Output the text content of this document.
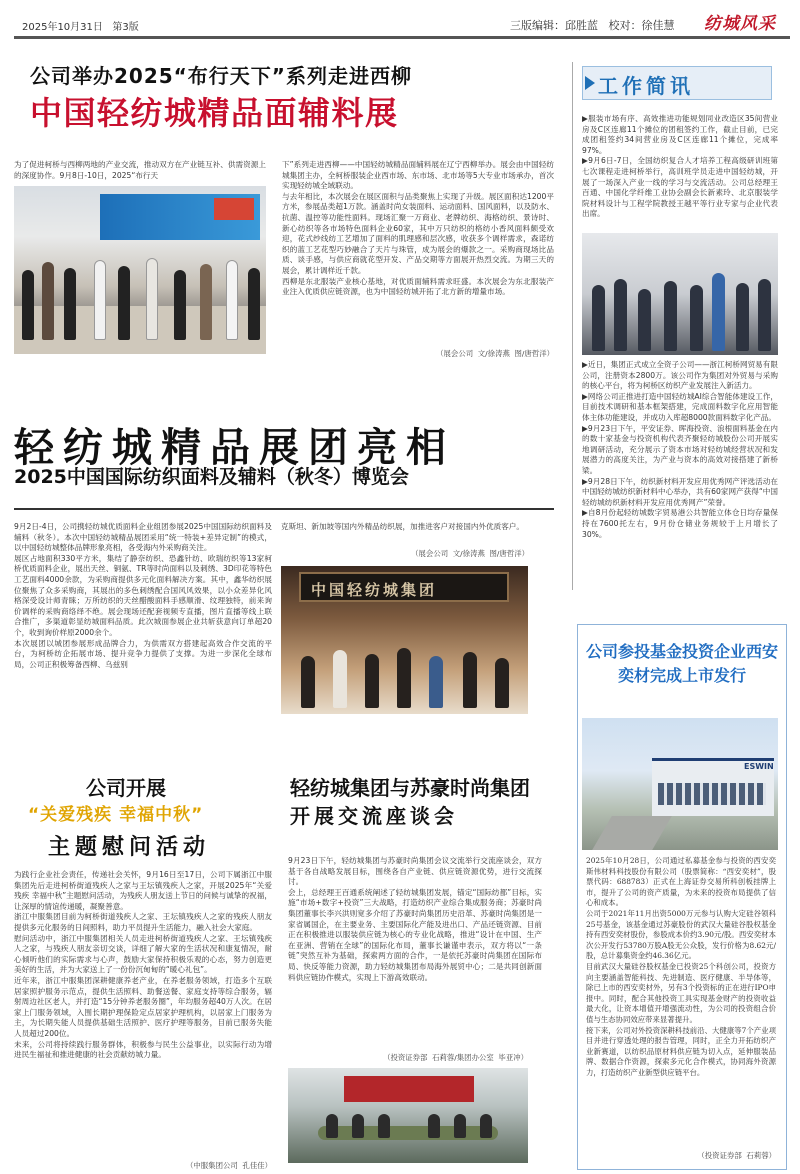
2025年10月31日   第3版	三版编辑：邱胜蓝   校对：徐佳慧 纺城风采
公司举办2025“布行天下”系列走进西柳
中国轻纺城精品面辅料展
为了促进柯桥与西柳两地的产业交流，推动双方在产业链互补、供需资源上的深度协作。9月8日-10日，2025“布行天
下”系列走进西柳——中国轻纺城精品面辅料展在辽宁西柳举办。展会由中国轻纺城集团主办，全柯桥服装企业西市场、东市场、北市场等5大专业市场承办，首次实现轻纺城全域联动。
与去年相比，本次展会在展区面积与品类聚焦上实现了升级。展区面积达1200平方米，参展品类超1万款。涵盖时尚女装面料、运动面料、国风面料，以及防水、抗菌、温控等功能性面料。现场汇聚一万商业、老牌纺织、海格纺织、景诗时、新心纺织等各市场特色面料企业60家，其中万只纺织的格纺小香风面料颇受欢迎，花式纱线纺工艺增加了面料的肌理感和层次感，收获多个调样需求，森诺纺织的蓝工艺花型巧妙融合了天片与珠管，成为展会的爆款之一。采购商现场比品质、谈手感，与供应商就花型开发、产品交期等方面展开热烈交流。为期三天的展会，累计调样近千款。
西柳是东北服装产业核心基地，对优质面辅料需求旺盛。本次展会为东北服装产业注入优质供应链资源，也为中国轻纺城开拓了北方新的增量市场。
（展会公司  文/徐涛燕  图/唐哲洋）
轻纺城精品展团亮相
2025中国国际纺织面料及辅料（秋冬）博览会
9月2日-4日，公司携轻纺城优质面料企业组团参展2025中国国际纺织面料及辅料（秋冬）。本次中国轻纺城精品展团采用“统一特装+差异定制”的模式，以中国轻纺城整体品牌形象亮相，各受海内外采购商关注。
展区占地面积330平方米，集结了静奈纺织、恐鑫针纺、欧瑞纺织等13家柯桥优质面料企业，展出天丝、铜氨、TR等时尚面料以及刺绣、3D印花等特色工艺面料4000余款，为采购商提供多元化面料解决方案。其中，鑫华纺织展位聚焦了众多采购商，其展出的多色刺绣配合国风风效果，以小众差异化风格深受设计师青睐；万所纺织的天丝醋酸面料手感顺滑、纹理独特，前来询价调样的采购商络绎不绝。展会现场还配套视频专直播，图片直播等线上联合推广，多渠道彰显纺城面料品质。此次城面参展企业共斩获意向订单超20个，收到询价样原2000余个。
本次展团以城团参展形成品牌合力，为供需双方搭建起高效合作交流的平台，为柯桥纺企拓展市场、提升竞争力提供了支撑。为进一步深化全球布局，公司正积极筹备西柳、乌兹别
克斯坦、新加坡等国内外精品纺织展，加推进客户对接国内外优质客户。
（展会公司  文/徐涛燕  图/唐哲洋）
中国轻纺城集团
公司开展
“关爱残疾 幸福中秋”
主题慰问活动
为践行企业社会责任，传递社会关怀，9月16日至17日，公司下属浙江中服集团先后走进柯桥街道残疾人之家与王坛镇残疾人之家，开展2025年“关爱残疾 幸福中秋”主题慰问活动，为残疾人朋友送上节日的问候与诚挚的祝福，让深厚的情谊传递暖，凝聚善意。
浙江中服集团目前为柯桥街道残疾人之家、王坛镇残疾人之家的残疾人朋友提供多元化服务的日间照料，助力平员提升生活能力，融入社会大家庭。
慰问活动中，浙江中服集团相关人员走进柯桥街道残疾人之家、王坛镇残疾人之家，与残疾人朋友亲切交谈，详细了解大家的生活状况和康复情况，耐心倾听他们的实际需求与心声，鼓励大家保持积极乐观的心态，努力创造更美好的生活，并为大家送上了一份份沉甸甸的“暖心礼包”。
近年来，浙江中服集团深耕健康养老产业，在养老服务领域，打造多个互联居家照护服务示范点，提供生活照料、助餐送餐、家庭支持等综合服务，辐射周边社区老人，并打造“15分钟养老服务圈”，年均服务超40万人次。在居家上门服务领域，入围长期护理保险定点居家护理机构，以居家上门服务为主，为长期失能人员提供基础生活照护、医疗护理等服务，目前已服务失能人员超过200位。
未来，公司将持续践行服务群体，积极参与民生公益事业，以实际行动为增进民生福祉和推进健康的社会贡献纺城力量。
（中服集团公司  孔佳佳）
轻纺城集团与苏豪时尚集团
开展交流座谈会
9月23日下午，轻纺城集团与苏豪时尚集团会议交流举行交流座谈会，双方基于各自战略发展目标，围绕各自产业链、供应链资源优势，进行交流探讨。
会上，总经理王百通系统阐述了轻纺城集团发展，锚定“国际纺都”目标，实施“市场+数字+投资”三大战略，打造纺织产业综合集成服务商；苏豪时尚集团董事长李兴洪则宽多介绍了苏豪时尚集团历史沿革、苏豪时尚集团是一家省属国企，在主要业务、主要国际化产能及进出口、产品还链资源、目前正在积极推进以服装供应链为核心的专业化战略，推进“设计在中国、生产在亚洲、营销在全球”的国际化布局，董事长谦谨申表示，双方将以“一条链”突然互补为基础，探索两方面的合作，一是依托苏豪时尚集团在国际布局、快反等能力资源，助力轻纺城集团布局海外展贸中心；二是共同创新面料供应链协作模式，实现上下游高效联动。
（投资证券部  石莉蓉/集团办公室  毕亚冲）
工作简讯
▶服装市场有序、高效推进功能规划同业改造区35间营业房及C区连廊11个摊位的团租签约工作，截止目前，已完成团租签约34间营业房及C区连廊11个摊位，完成率97%。
▶9月6日-7日，全国纺织复合人才培养工程高级研训班第七次课程走进柯桥举行，高训班学员走进中国轻纺城，开展了一场深入产业一线的学习与交流活动。公司总经理王百通、中国化学纤维工业协会副会长新素玲、北京服装学院材料设计与工程学院教授王越平等行业专家与企业代表出席。
▶近日，集团正式成立全资子公司——浙江柯桥网贸易有限公司，注册资本2800万。该公司作为集团对外贸易与采购的核心平台，将为柯桥区纺织产业发展注入新活力。
▶网络公司正推进打造中国轻纺城AI综合智能体建设工作，目前技术调研和基本框架搭建，完成面料数字化应用智能体主体功能建设，并成功入库超8000款面料数字化产品。
▶9月23日下午，平安证券、晖海投资、浪根面料基金在内的数十家基金与投资机构代表齐聚轻纺城股份公司开展实地调研活动，充分展示了资本市场对轻纺城经营状况和发展潜力的高度关注，为产业与资本的高效对接搭建了新桥梁。
▶9月28日下午，纺织新材料开发应用优秀网产评选活动在中国轻纺城纺织新材料中心举办，共有60家网产获得“中国轻纺城纺织新材料开发应用优秀网产”荣誉。
▶自8月份起轻纺城数字贸易港公共智能立体仓日均存量保持在7600托左右，9月份仓储业务规较于上月增长了30%。
公司参投基金投资企业西安奕材完成上市发行
ESWIN
2025年10月28日，公司通过私募基金参与投资的西安奕斯伟材料科技股份有限公司（股票简称：“西安奕材”，股票代码：688783）正式在上海证券交易所科创板挂牌上市，提升了公司的资产质量，为未来的投资布局提供了信心和成本。
公司于2021年11月出资5000万元参与认购大定硅谷领科25号基金，该基金通过苏豪股份的武汉大量硅谷股权基金持有西安奕材股份，参股成本价约3.90元/股。西安奕材本次公开发行53780万股A股无公众股，发行价格为8.62元/股，总计募集资金约46.36亿元。
目前武汉大量硅谷股权基金已投资25个科创公司，投资方向主要涵盖智能科技、先进制造、医疗健康、半导体等，除已上市的西安奕材外，另有3个投资标的正在进行IPO申报中。同时，配合其他投资工具实现基金财产的投资收益最大化，让资本增值开增强流动性，为公司的投资组合价值与生态协同效应带来显著提升。
接下来，公司对外投资深耕科技前沿、大健康等7个产业项目并进行穿透处理的报告管理，同时，正全力开拓纺织产业新赛道，以纺织品原材料供应链为切入点，延伸服装品牌、数据合作资源，探索多元化合作模式，协同海外资源力，打造纺织产业新型供应链平台。
（投资证券部  石莉蓉）
